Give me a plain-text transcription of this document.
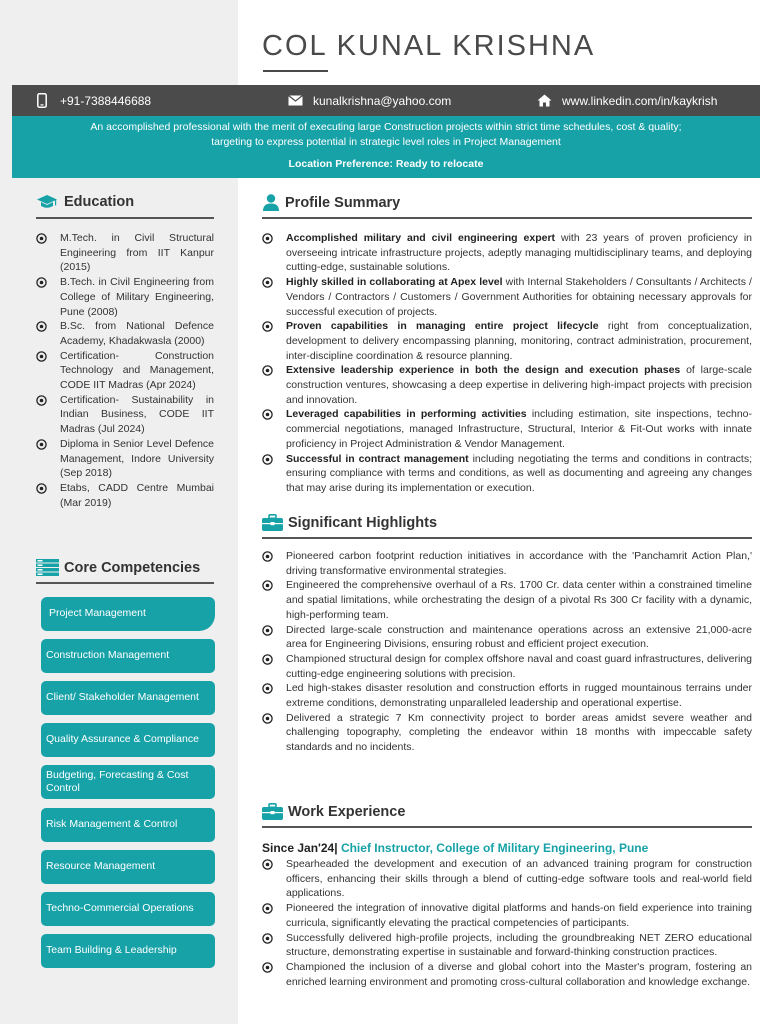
COL KUNAL KRISHNA
+91-7388446688	kunalkrishna@yahoo.com	www.linkedin.com/in/kaykrish
An accomplished professional with the merit of executing large Construction projects within strict time schedules, cost & quality;
targeting to express potential in strategic level roles in Project Management
Location Preference: Ready to relocate
Education
M.Tech. in Civil Structural Engineering from IIT Kanpur (2015)
B.Tech. in Civil Engineering from College of Military Engineering, Pune (2008)
B.Sc. from National Defence Academy, Khadakwasla (2000)
Certification- Construction Technology and Management, CODE IIT Madras (Apr 2024)
Certification- Sustainability in Indian Business, CODE IIT Madras (Jul 2024)
Diploma in Senior Level Defence Management, Indore University (Sep 2018)
Etabs, CADD Centre Mumbai (Mar 2019)
Core Competencies
Project Management
Construction Management
Client/ Stakeholder Management
Quality Assurance & Compliance
Budgeting, Forecasting & Cost Control
Risk Management & Control
Resource Management
Techno-Commercial Operations
Team Building & Leadership
Profile Summary
Accomplished military and civil engineering expert with 23 years of proven proficiency in overseeing intricate infrastructure projects, adeptly managing multidisciplinary teams, and deploying cutting-edge, sustainable solutions.
Highly skilled in collaborating at Apex level with Internal Stakeholders / Consultants / Architects / Vendors / Contractors / Customers / Government Authorities for obtaining necessary approvals for successful execution of projects.
Proven capabilities in managing entire project lifecycle right from conceptualization, development to delivery encompassing planning, monitoring, contract administration, procurement, inter-discipline coordination & resource planning.
Extensive leadership experience in both the design and execution phases of large-scale construction ventures, showcasing a deep expertise in delivering high-impact projects with precision and innovation.
Leveraged capabilities in performing activities including estimation, site inspections, techno-commercial negotiations, managed Infrastructure, Structural, Interior & Fit-Out works with innate proficiency in Project Administration & Vendor Management.
Successful in contract management including negotiating the terms and conditions in contracts; ensuring compliance with terms and conditions, as well as documenting and agreeing any changes that may arise during its implementation or execution.
Significant Highlights
Pioneered carbon footprint reduction initiatives in accordance with the 'Panchamrit Action Plan,' driving transformative environmental strategies.
Engineered the comprehensive overhaul of a Rs. 1700 Cr. data center within a constrained timeline and spatial limitations, while orchestrating the design of a pivotal Rs 300 Cr facility with a dynamic, high-performing team.
Directed large-scale construction and maintenance operations across an extensive 21,000-acre area for Engineering Divisions, ensuring robust and efficient project execution.
Championed structural design for complex offshore naval and coast guard infrastructures, delivering cutting-edge engineering solutions with precision.
Led high-stakes disaster resolution and construction efforts in rugged mountainous terrains under extreme conditions, demonstrating unparalleled leadership and operational expertise.
Delivered a strategic 7 Km connectivity project to border areas amidst severe weather and challenging topography, completing the endeavor within 18 months with impeccable safety standards and no incidents.
Work Experience
Since Jan'24| Chief Instructor, College of Military Engineering, Pune
Spearheaded the development and execution of an advanced training program for construction officers, enhancing their skills through a blend of cutting-edge software tools and real-world field applications.
Pioneered the integration of innovative digital platforms and hands-on field experience into training curricula, significantly elevating the practical competencies of participants.
Successfully delivered high-profile projects, including the groundbreaking NET ZERO educational structure, demonstrating expertise in sustainable and forward-thinking construction practices.
Championed the inclusion of a diverse and global cohort into the Master's program, fostering an enriched learning environment and promoting cross-cultural collaboration and knowledge exchange.
